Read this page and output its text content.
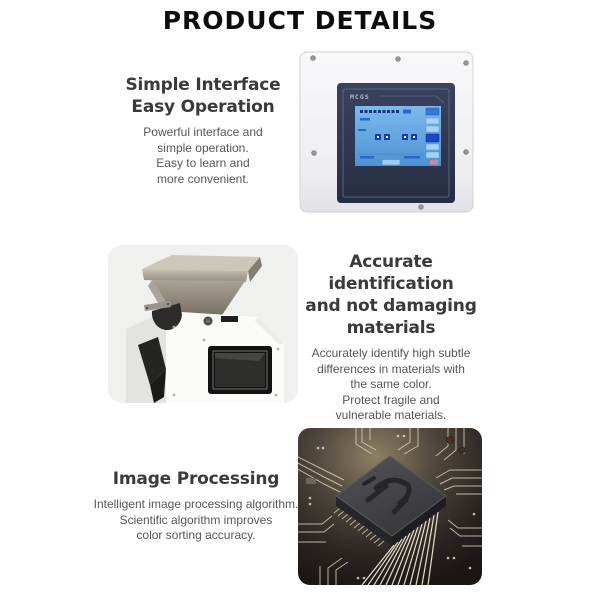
PRODUCT DETAILS
Simple Interface
Easy Operation
Powerful interface and
simple operation.
Easy to learn and
more convenient.
MCGS
Accurate identification
and not damaging
materials
Accurately identify high subtle
differences in materials with
the same color.
Protect fragile and
vulnerable materials.
Image Processing
Intelligent image processing algorithm.
Scientific algorithm improves
color sorting accuracy.
